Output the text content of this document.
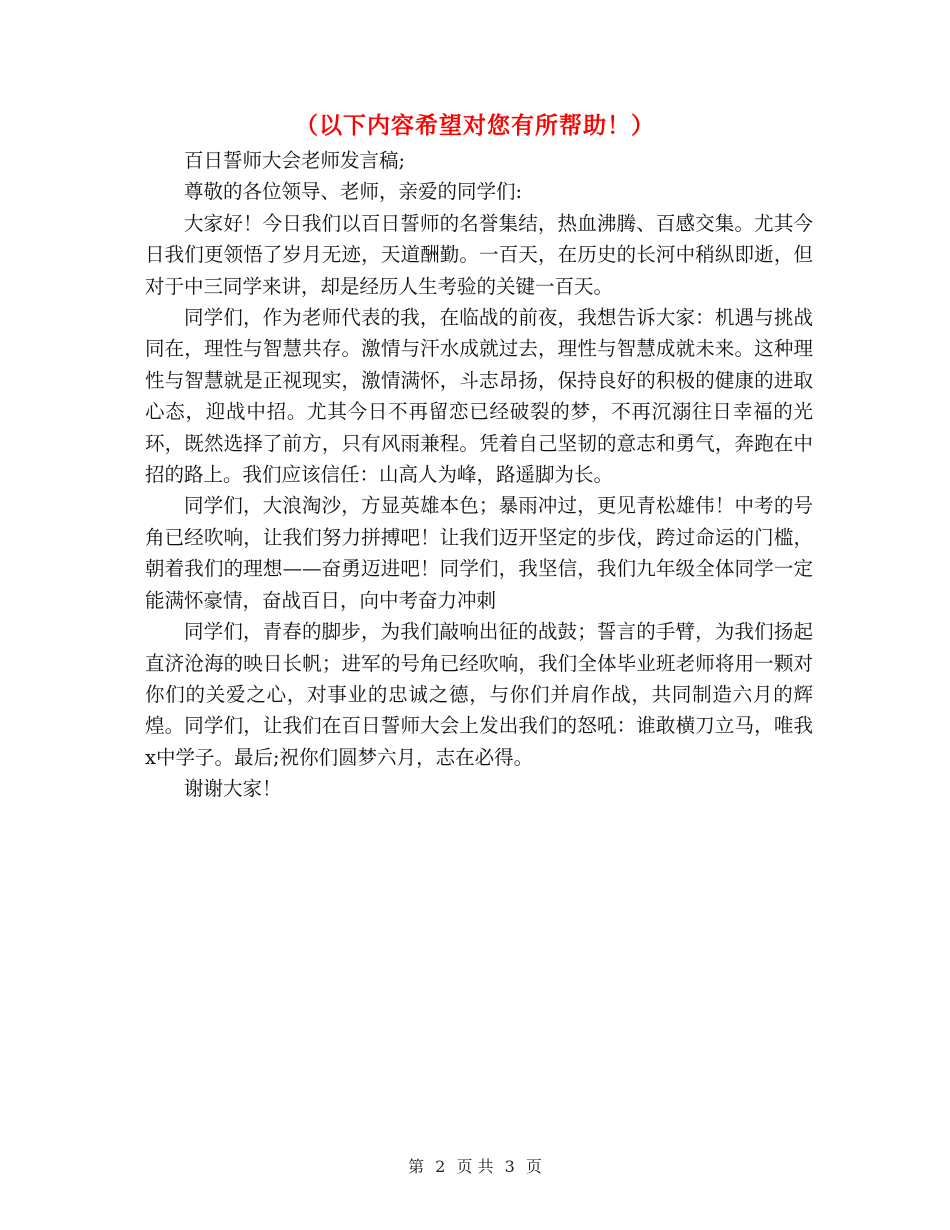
（以下内容希望对您有所帮助！）

百日誓师大会老师发言稿;

尊敬的各位领导、老师，亲爱的同学们:

大家好！今日我们以百日誓师的名誉集结，热血沸腾、百感交集。尤其今日我们更领悟了岁月无迹，天道酬勤。一百天，在历史的长河中稍纵即逝，但对于中三同学来讲，却是经历人生考验的关键一百天。

同学们，作为老师代表的我，在临战的前夜，我想告诉大家：机遇与挑战同在，理性与智慧共存。激情与汗水成就过去，理性与智慧成就未来。这种理性与智慧就是正视现实，激情满怀，斗志昂扬，保持良好的积极的健康的进取心态，迎战中招。尤其今日不再留恋已经破裂的梦，不再沉溺往日幸福的光环，既然选择了前方，只有风雨兼程。凭着自己坚韧的意志和勇气，奔跑在中招的路上。我们应该信任：山高人为峰，路遥脚为长。

同学们，大浪淘沙，方显英雄本色；暴雨冲过，更见青松雄伟！中考的号角已经吹响，让我们努力拼搏吧！让我们迈开坚定的步伐，跨过命运的门槛，朝着我们的理想——奋勇迈进吧！同学们，我坚信，我们九年级全体同学一定能满怀豪情，奋战百日，向中考奋力冲刺

同学们，青春的脚步，为我们敲响出征的战鼓；誓言的手臂，为我们扬起直济沧海的映日长帆；进军的号角已经吹响，我们全体毕业班老师将用一颗对你们的关爱之心，对事业的忠诚之德，与你们并肩作战，共同制造六月的辉煌。同学们，让我们在百日誓师大会上发出我们的怒吼：谁敢横刀立马，唯我x中学子。最后;祝你们圆梦六月，志在必得。

谢谢大家！

第 2 页 共 3 页
